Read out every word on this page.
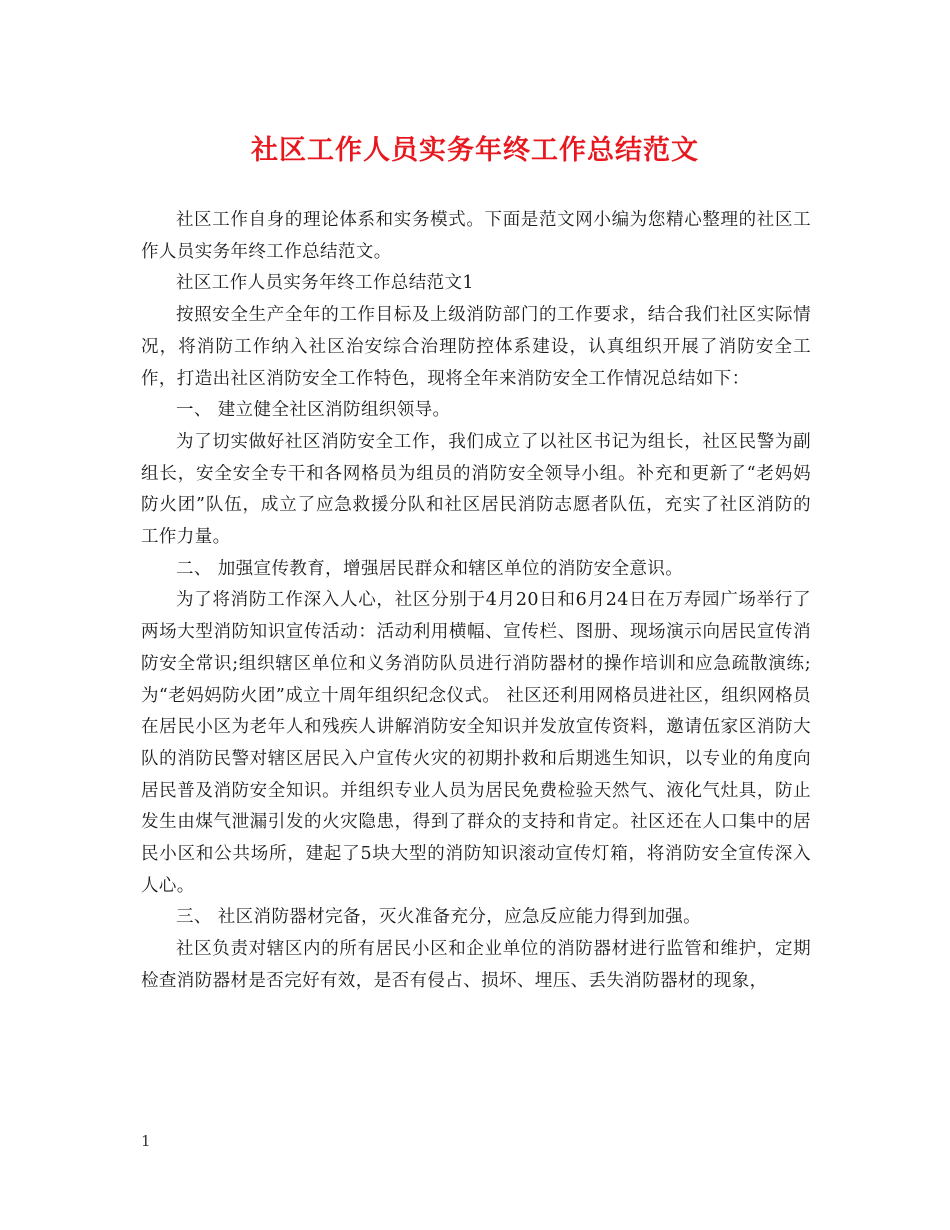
社区工作人员实务年终工作总结范文

社区工作自身的理论体系和实务模式。下面是范文网小编为您精心整理的社区工作人员实务年终工作总结范文。

社区工作人员实务年终工作总结范文1

按照安全生产全年的工作目标及上级消防部门的工作要求，结合我们社区实际情况，将消防工作纳入社区治安综合治理防控体系建设，认真组织开展了消防安全工作，打造出社区消防安全工作特色，现将全年来消防安全工作情况总结如下：

一、 建立健全社区消防组织领导。

为了切实做好社区消防安全工作，我们成立了以社区书记为组长，社区民警为副组长，安全安全专干和各网格员为组员的消防安全领导小组。补充和更新了“老妈妈防火团”队伍，成立了应急救援分队和社区居民消防志愿者队伍，充实了社区消防的工作力量。

二、 加强宣传教育，增强居民群众和辖区单位的消防安全意识。

为了将消防工作深入人心，社区分别于4月20日和6月24日在万寿园广场举行了两场大型消防知识宣传活动：活动利用横幅、宣传栏、图册、现场演示向居民宣传消防安全常识;组织辖区单位和义务消防队员进行消防器材的操作培训和应急疏散演练;为“老妈妈防火团”成立十周年组织纪念仪式。 社区还利用网格员进社区，组织网格员在居民小区为老年人和残疾人讲解消防安全知识并发放宣传资料，邀请伍家区消防大队的消防民警对辖区居民入户宣传火灾的初期扑救和后期逃生知识，以专业的角度向居民普及消防安全知识。并组织专业人员为居民免费检验天然气、液化气灶具，防止发生由煤气泄漏引发的火灾隐患，得到了群众的支持和肯定。社区还在人口集中的居民小区和公共场所，建起了5块大型的消防知识滚动宣传灯箱，将消防安全宣传深入人心。

三、 社区消防器材完备，灭火准备充分，应急反应能力得到加强。

社区负责对辖区内的所有居民小区和企业单位的消防器材进行监管和维护，定期检查消防器材是否完好有效，是否有侵占、损坏、埋压、丢失消防器材的现象，

1
